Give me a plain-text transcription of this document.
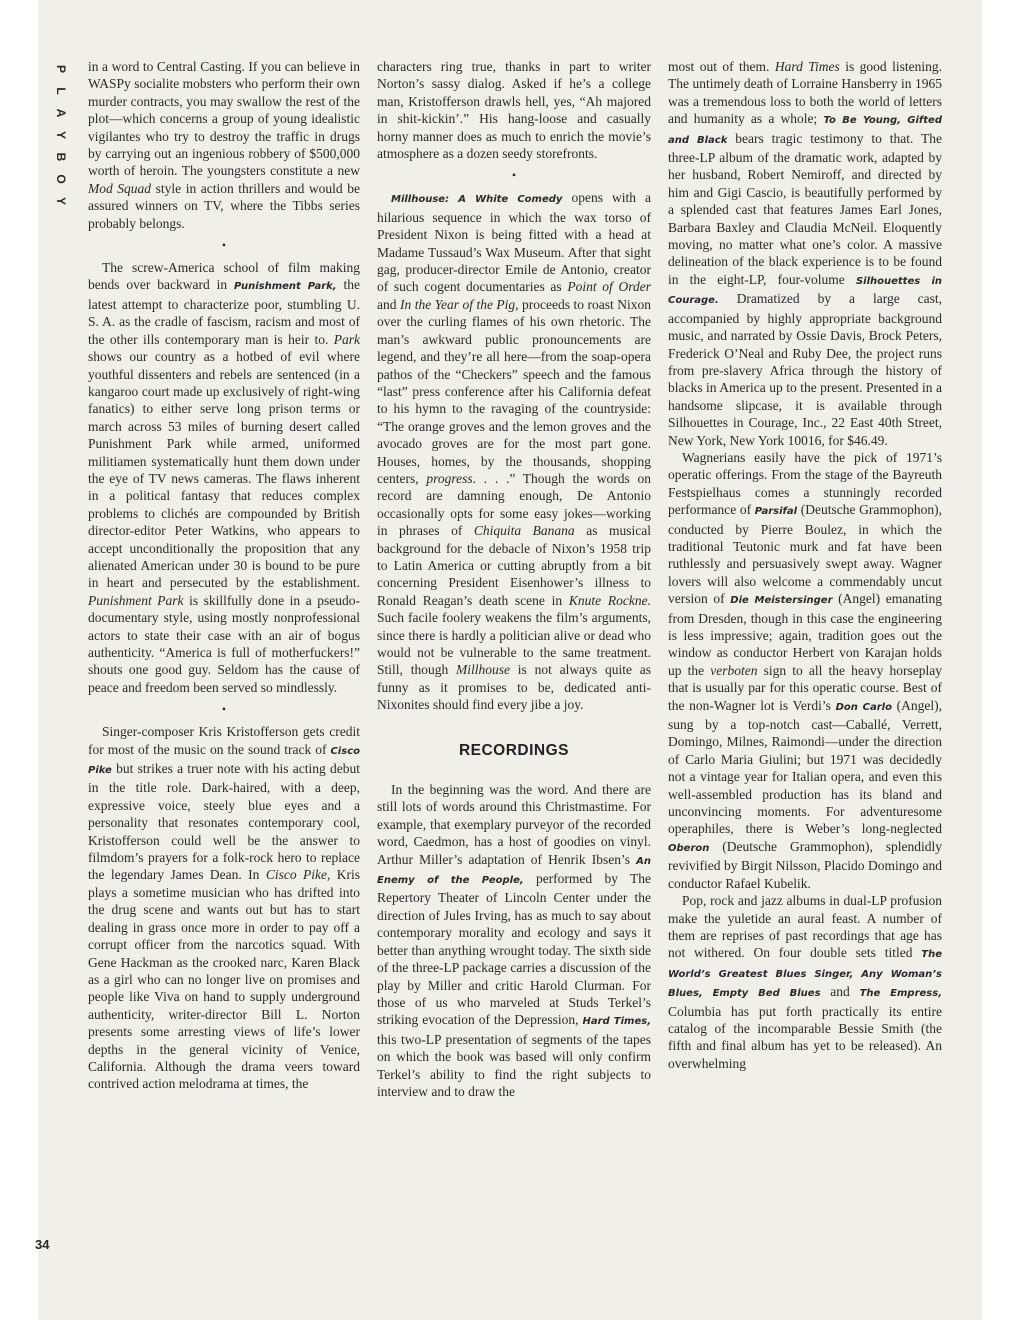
P
L
A
Y
B
O
Y
34

in a word to Central Casting. If you can believe in WASPy socialite mobsters who perform their own murder contracts, you may swallow the rest of the plot—which concerns a group of young idealistic vigilantes who try to destroy the traffic in drugs by carrying out an ingenious robbery of $500,000 worth of heroin. The youngsters constitute a new Mod Squad style in action thrillers and would be assured winners on TV, where the Tibbs series probably belongs.

•

The screw-America school of film making bends over backward in Punishment Park, the latest attempt to characterize poor, stumbling U. S. A. as the cradle of fascism, racism and most of the other ills contemporary man is heir to. Park shows our country as a hotbed of evil where youthful dissenters and rebels are sentenced (in a kangaroo court made up exclusively of right-wing fanatics) to either serve long prison terms or march across 53 miles of burning desert called Punishment Park while armed, uniformed militiamen systematically hunt them down under the eye of TV news cameras. The flaws inherent in a political fantasy that reduces complex problems to clichés are compounded by British director-editor Peter Watkins, who appears to accept unconditionally the proposition that any alienated American under 30 is bound to be pure in heart and persecuted by the establishment. Punishment Park is skillfully done in a pseudo-documentary style, using mostly nonprofessional actors to state their case with an air of bogus authenticity. “America is full of motherfuckers!” shouts one good guy. Seldom has the cause of peace and freedom been served so mindlessly.

•

Singer-composer Kris Kristofferson gets credit for most of the music on the sound track of Cisco Pike but strikes a truer note with his acting debut in the title role. Dark-haired, with a deep, expressive voice, steely blue eyes and a personality that resonates contemporary cool, Kristofferson could well be the answer to filmdom’s prayers for a folk-rock hero to replace the legendary James Dean. In Cisco Pike, Kris plays a sometime musician who has drifted into the drug scene and wants out but has to start dealing in grass once more in order to pay off a corrupt officer from the narcotics squad. With Gene Hackman as the crooked narc, Karen Black as a girl who can no longer live on promises and people like Viva on hand to supply underground authenticity, writer-director Bill L. Norton presents some arresting views of life’s lower depths in the general vicinity of Venice, California. Although the drama veers toward contrived action melodrama at times, the

characters ring true, thanks in part to writer Norton’s sassy dialog. Asked if he’s a college man, Kristofferson drawls hell, yes, “Ah majored in shit-kickin’.” His hang-loose and casually horny manner does as much to enrich the movie’s atmosphere as a dozen seedy storefronts.

•

Millhouse: A White Comedy opens with a hilarious sequence in which the wax torso of President Nixon is being fitted with a head at Madame Tussaud’s Wax Museum. After that sight gag, producer-director Emile de Antonio, creator of such cogent documentaries as Point of Order and In the Year of the Pig, proceeds to roast Nixon over the curling flames of his own rhetoric. The man’s awkward public pronouncements are legend, and they’re all here—from the soap-opera pathos of the “Checkers” speech and the famous “last” press conference after his California defeat to his hymn to the ravaging of the countryside: “The orange groves and the lemon groves and the avocado groves are for the most part gone. Houses, homes, by the thousands, shopping centers, progress. . . .” Though the words on record are damning enough, De Antonio occasionally opts for some easy jokes—working in phrases of Chiquita Banana as musical background for the debacle of Nixon’s 1958 trip to Latin America or cutting abruptly from a bit concerning President Eisenhower’s illness to Ronald Reagan’s death scene in Knute Rockne. Such facile foolery weakens the film’s arguments, since there is hardly a politician alive or dead who would not be vulnerable to the same treatment. Still, though Millhouse is not always quite as funny as it promises to be, dedicated anti-Nixonites should find every jibe a joy.

RECORDINGS

In the beginning was the word. And there are still lots of words around this Christmastime. For example, that exemplary purveyor of the recorded word, Caedmon, has a host of goodies on vinyl. Arthur Miller’s adaptation of Henrik Ibsen’s An Enemy of the People, performed by The Repertory Theater of Lincoln Center under the direction of Jules Irving, has as much to say about contemporary morality and ecology and says it better than anything wrought today. The sixth side of the three-LP package carries a discussion of the play by Miller and critic Harold Clurman. For those of us who marveled at Studs Terkel’s striking evocation of the Depression, Hard Times, this two-LP presentation of segments of the tapes on which the book was based will only confirm Terkel’s ability to find the right subjects to interview and to draw the

most out of them. Hard Times is good listening. The untimely death of Lorraine Hansberry in 1965 was a tremendous loss to both the world of letters and humanity as a whole; To Be Young, Gifted and Black bears tragic testimony to that. The three-LP album of the dramatic work, adapted by her husband, Robert Nemiroff, and directed by him and Gigi Cascio, is beautifully performed by a splended cast that features James Earl Jones, Barbara Baxley and Claudia McNeil. Eloquently moving, no matter what one’s color. A massive delineation of the black experience is to be found in the eight-LP, four-volume Silhouettes in Courage. Dramatized by a large cast, accompanied by highly appropriate background music, and narrated by Ossie Davis, Brock Peters, Frederick O’Neal and Ruby Dee, the project runs from pre-slavery Africa through the history of blacks in America up to the present. Presented in a handsome slipcase, it is available through Silhouettes in Courage, Inc., 22 East 40th Street, New York, New York 10016, for $46.49.

Wagnerians easily have the pick of 1971’s operatic offerings. From the stage of the Bayreuth Festspielhaus comes a stunningly recorded performance of Parsifal (Deutsche Grammophon), conducted by Pierre Boulez, in which the traditional Teutonic murk and fat have been ruthlessly and persuasively swept away. Wagner lovers will also welcome a commendably uncut version of Die Meistersinger (Angel) emanating from Dresden, though in this case the engineering is less impressive; again, tradition goes out the window as conductor Herbert von Karajan holds up the verboten sign to all the heavy horseplay that is usually par for this operatic course. Best of the non-Wagner lot is Verdi’s Don Carlo (Angel), sung by a top-notch cast—Caballé, Verrett, Domingo, Milnes, Raimondi—under the direction of Carlo Maria Giulini; but 1971 was decidedly not a vintage year for Italian opera, and even this well-assembled production has its bland and unconvincing moments. For adventuresome operaphiles, there is Weber’s long-neglected Oberon (Deutsche Grammophon), splendidly revivified by Birgit Nilsson, Placido Domingo and conductor Rafael Kubelik.

Pop, rock and jazz albums in dual-LP profusion make the yuletide an aural feast. A number of them are reprises of past recordings that age has not withered. On four double sets titled The World’s Greatest Blues Singer, Any Woman’s Blues, Empty Bed Blues and The Empress, Columbia has put forth practically its entire catalog of the incomparable Bessie Smith (the fifth and final album has yet to be released). An overwhelming
